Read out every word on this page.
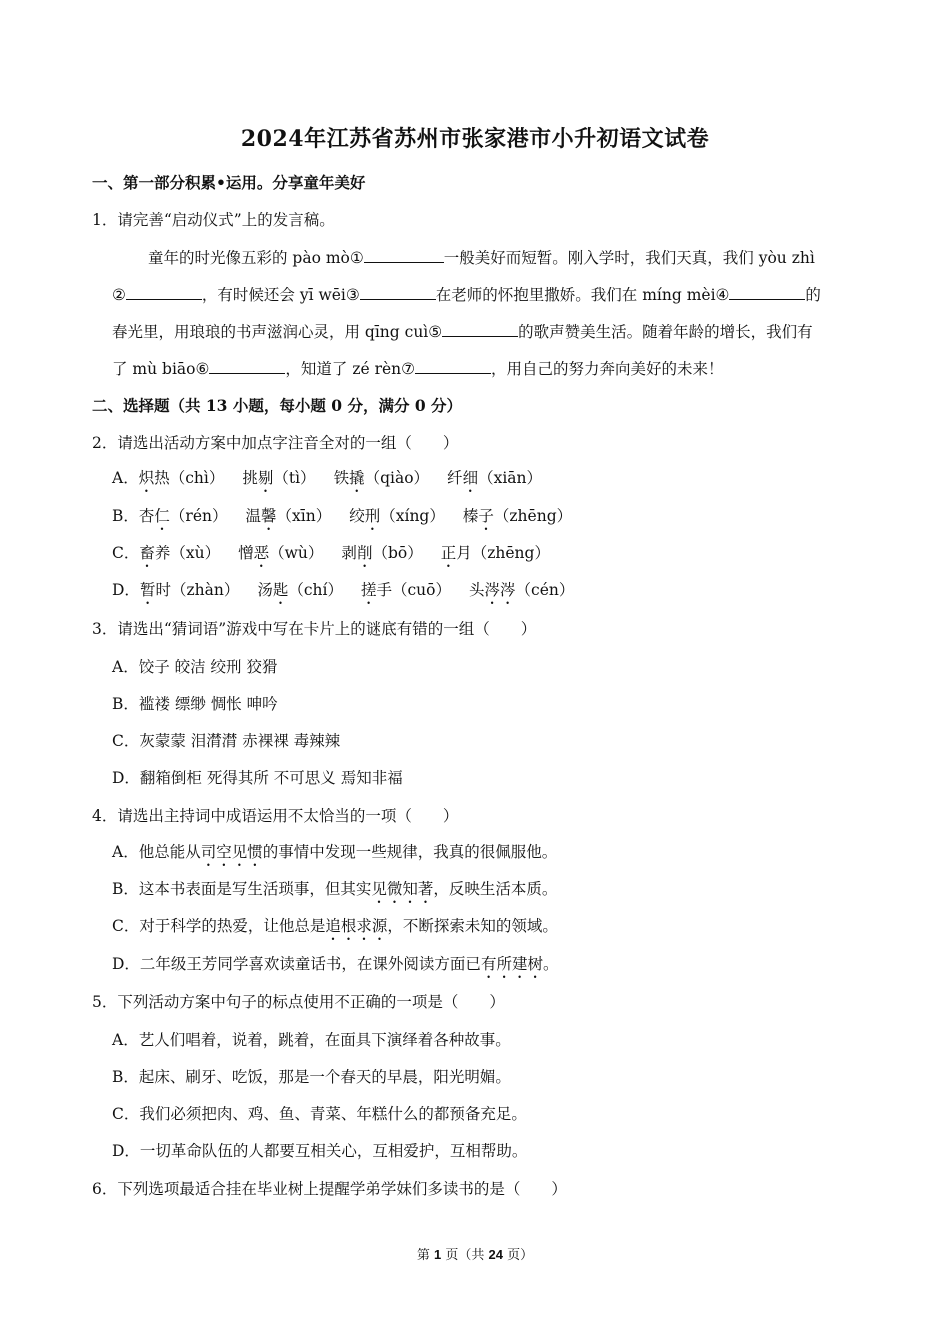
2024年江苏省苏州市张家港市小升初语文试卷
一、第一部分积累•运用。分享童年美好
1．请完善“启动仪式”上的发言稿。
童年的时光像五彩的 pào mò①	一般美好而短暂。刚入学时，我们天真，我们 yòu zhì
②	，有时候还会 yī wēi③	在老师的怀抱里撒娇。我们在 míng mèi④	的
春光里，用琅琅的书声滋润心灵，用 qīng cuì⑤	的歌声赞美生活。随着年龄的增长，我们有
了 mù biāo⑥	，知道了 zé rèn⑦	，用自己的努力奔向美好的未来！
二、选择题（共 13 小题，每小题 0 分，满分 0 分）
2．请选出活动方案中加点字注音全对的一组（　　）
A．炽热（chì） 挑剔（tì） 铁撬（qiào） 纤细（xiān）
B．杏仁（rén） 温馨（xīn） 绞刑（xíng） 榛子（zhēng）
C．畜养（xù） 憎恶（wù） 剥削（bō） 正月（zhēng）
D．暂时（zhàn） 汤匙（chí） 搓手（cuō） 头涔涔（cén）
3．请选出“猜词语”游戏中写在卡片上的谜底有错的一组（　　）
A．饺子 皎洁 绞刑 狡猾
B．褴褛 缥缈 惆怅 呻吟
C．灰蒙蒙 泪潸潸 赤裸裸 毒辣辣
D．翻箱倒柜 死得其所 不可思义 焉知非福
4．请选出主持词中成语运用不太恰当的一项（　　）
A．他总能从司空见惯的事情中发现一些规律，我真的很佩服他。
B．这本书表面是写生活琐事，但其实见微知著，反映生活本质。
C．对于科学的热爱，让他总是追根求源，不断探索未知的领域。
D．二年级王芳同学喜欢读童话书，在课外阅读方面已有所建树。
5．下列活动方案中句子的标点使用不正确的一项是（　　）
A．艺人们唱着，说着，跳着，在面具下演绎着各种故事。
B．起床、刷牙、吃饭，那是一个春天的早晨，阳光明媚。
C．我们必须把肉、鸡、鱼、青菜、年糕什么的都预备充足。
D．一切革命队伍的人都要互相关心，互相爱护，互相帮助。
6．下列选项最适合挂在毕业树上提醒学弟学妹们多读书的是（　　）
第 1 页（共 24 页）
